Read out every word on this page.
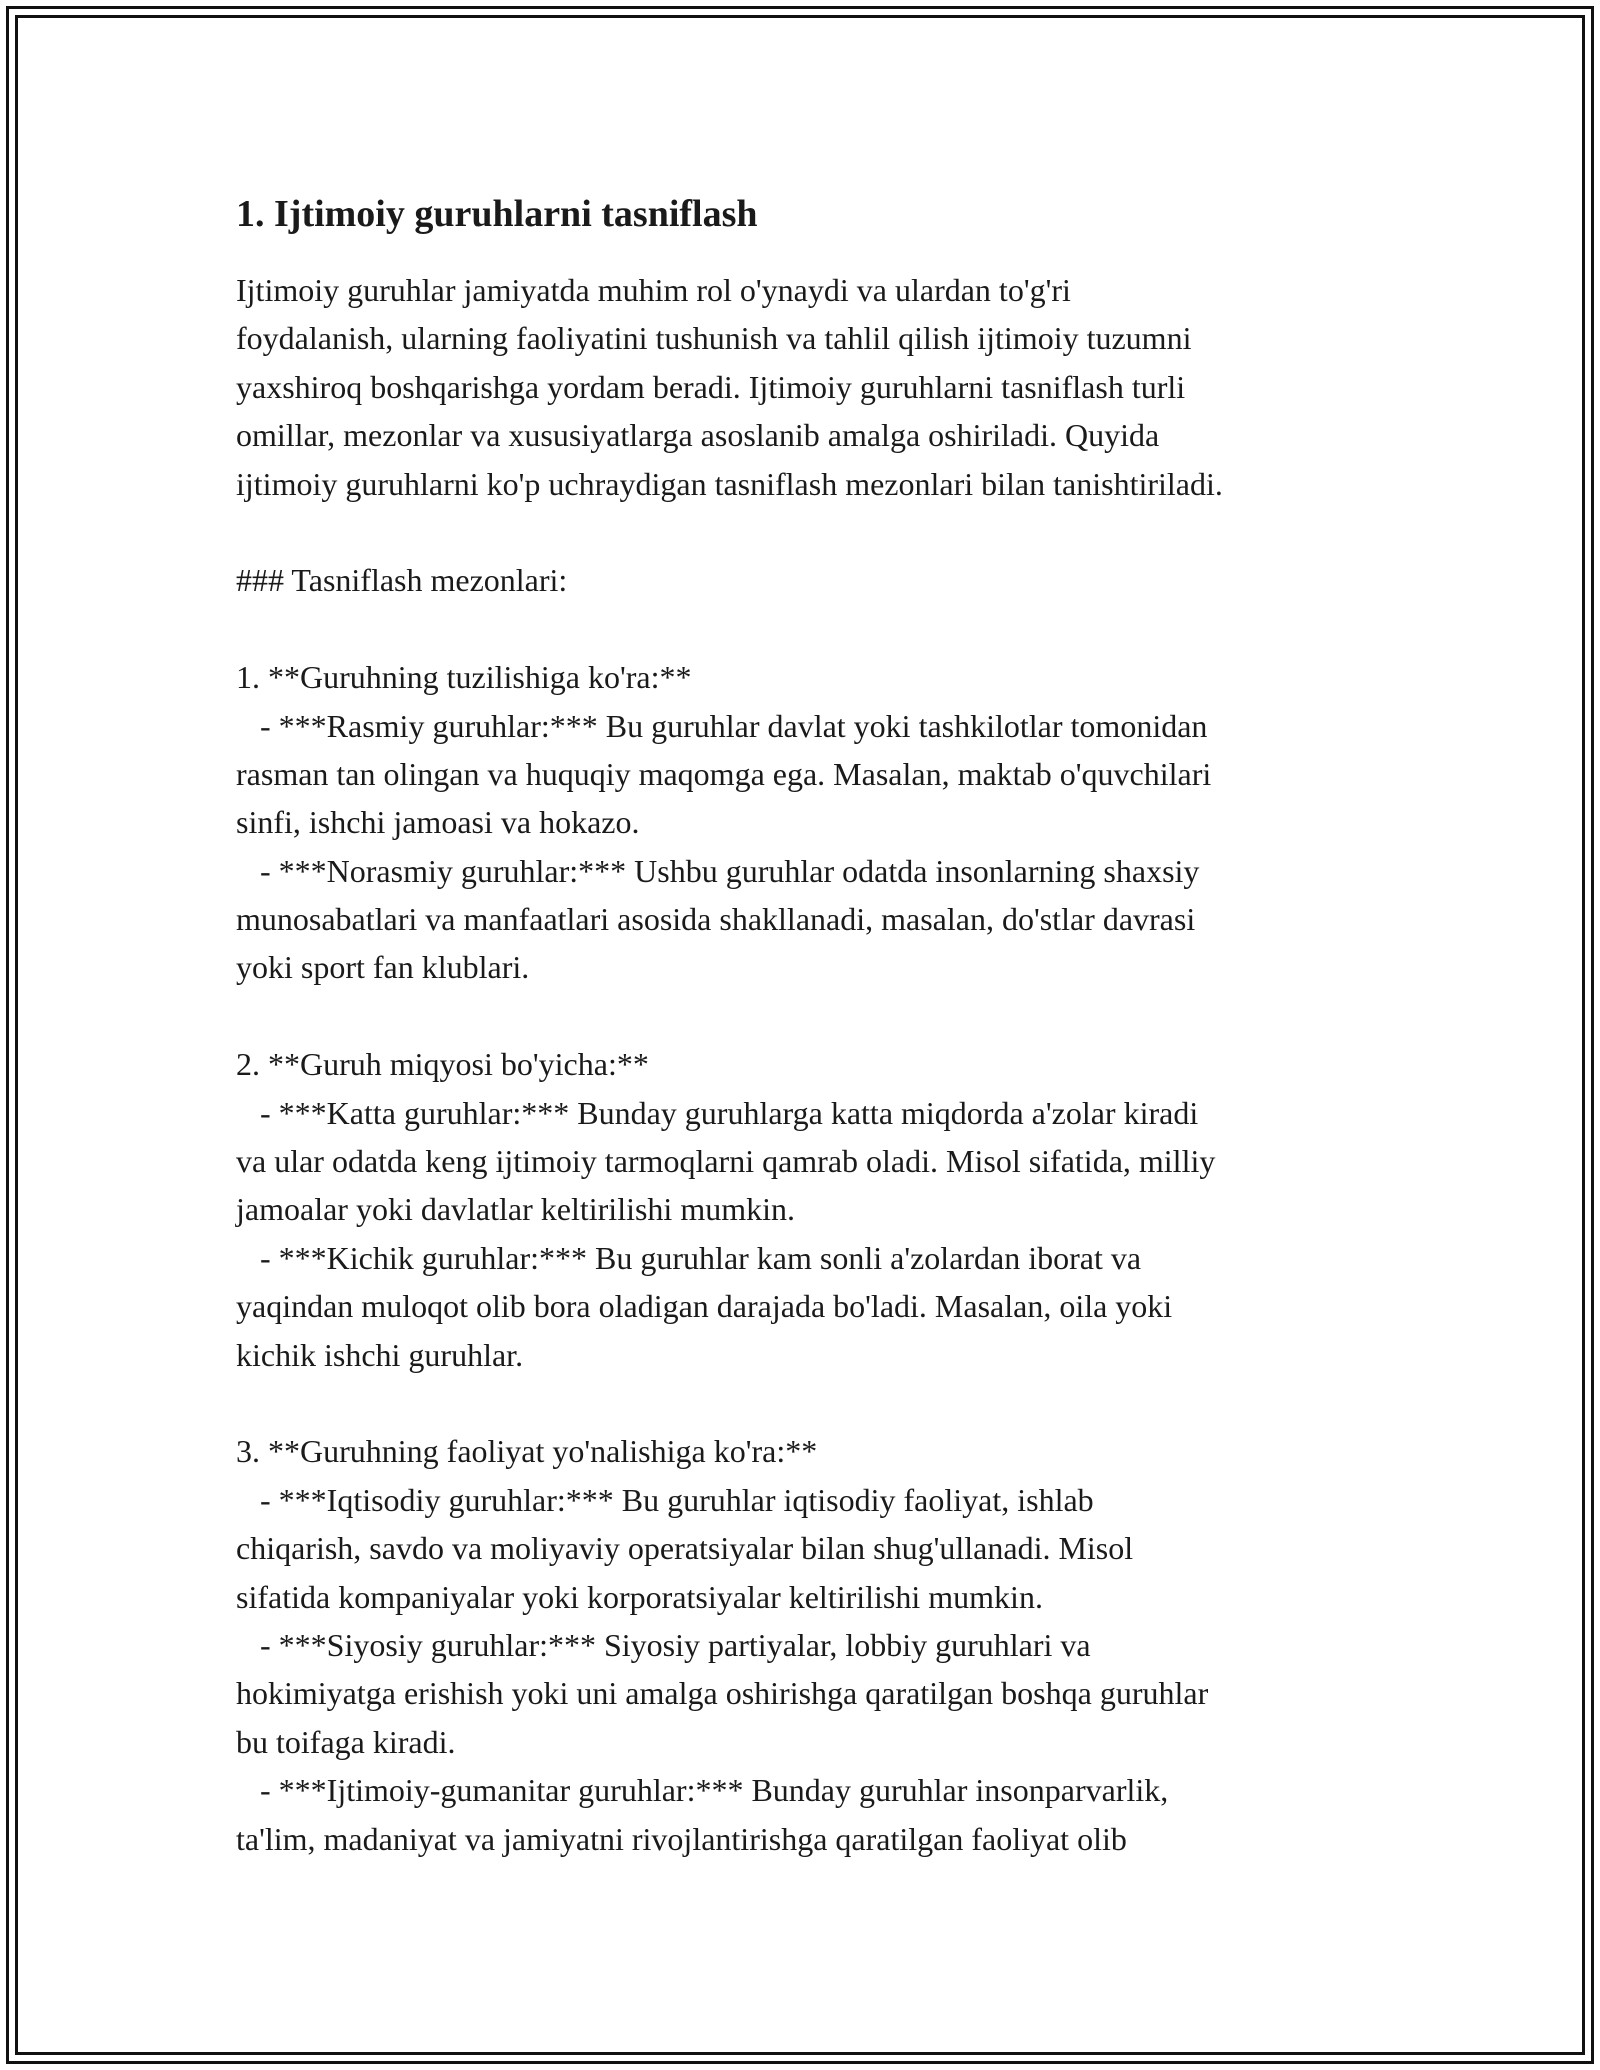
1. Ijtimoiy guruhlarni tasniflash
Ijtimoiy guruhlar jamiyatda muhim rol o'ynaydi va ulardan to'g'ri
foydalanish, ularning faoliyatini tushunish va tahlil qilish ijtimoiy tuzumni
yaxshiroq boshqarishga yordam beradi. Ijtimoiy guruhlarni tasniflash turli
omillar, mezonlar va xususiyatlarga asoslanib amalga oshiriladi. Quyida
ijtimoiy guruhlarni ko'p uchraydigan tasniflash mezonlari bilan tanishtiriladi.
### Tasniflash mezonlari:
1. **Guruhning tuzilishiga ko'ra:**
- ***Rasmiy guruhlar:*** Bu guruhlar davlat yoki tashkilotlar tomonidan
rasman tan olingan va huquqiy maqomga ega. Masalan, maktab o'quvchilari
sinfi, ishchi jamoasi va hokazo.
- ***Norasmiy guruhlar:*** Ushbu guruhlar odatda insonlarning shaxsiy
munosabatlari va manfaatlari asosida shakllanadi, masalan, do'stlar davrasi
yoki sport fan klublari.
2. **Guruh miqyosi bo'yicha:**
- ***Katta guruhlar:*** Bunday guruhlarga katta miqdorda a'zolar kiradi
va ular odatda keng ijtimoiy tarmoqlarni qamrab oladi. Misol sifatida, milliy
jamoalar yoki davlatlar keltirilishi mumkin.
- ***Kichik guruhlar:*** Bu guruhlar kam sonli a'zolardan iborat va
yaqindan muloqot olib bora oladigan darajada bo'ladi. Masalan, oila yoki
kichik ishchi guruhlar.
3. **Guruhning faoliyat yo'nalishiga ko'ra:**
- ***Iqtisodiy guruhlar:*** Bu guruhlar iqtisodiy faoliyat, ishlab
chiqarish, savdo va moliyaviy operatsiyalar bilan shug'ullanadi. Misol
sifatida kompaniyalar yoki korporatsiyalar keltirilishi mumkin.
- ***Siyosiy guruhlar:*** Siyosiy partiyalar, lobbiy guruhlari va
hokimiyatga erishish yoki uni amalga oshirishga qaratilgan boshqa guruhlar
bu toifaga kiradi.
- ***Ijtimoiy-gumanitar guruhlar:*** Bunday guruhlar insonparvarlik,
ta'lim, madaniyat va jamiyatni rivojlantirishga qaratilgan faoliyat olib
